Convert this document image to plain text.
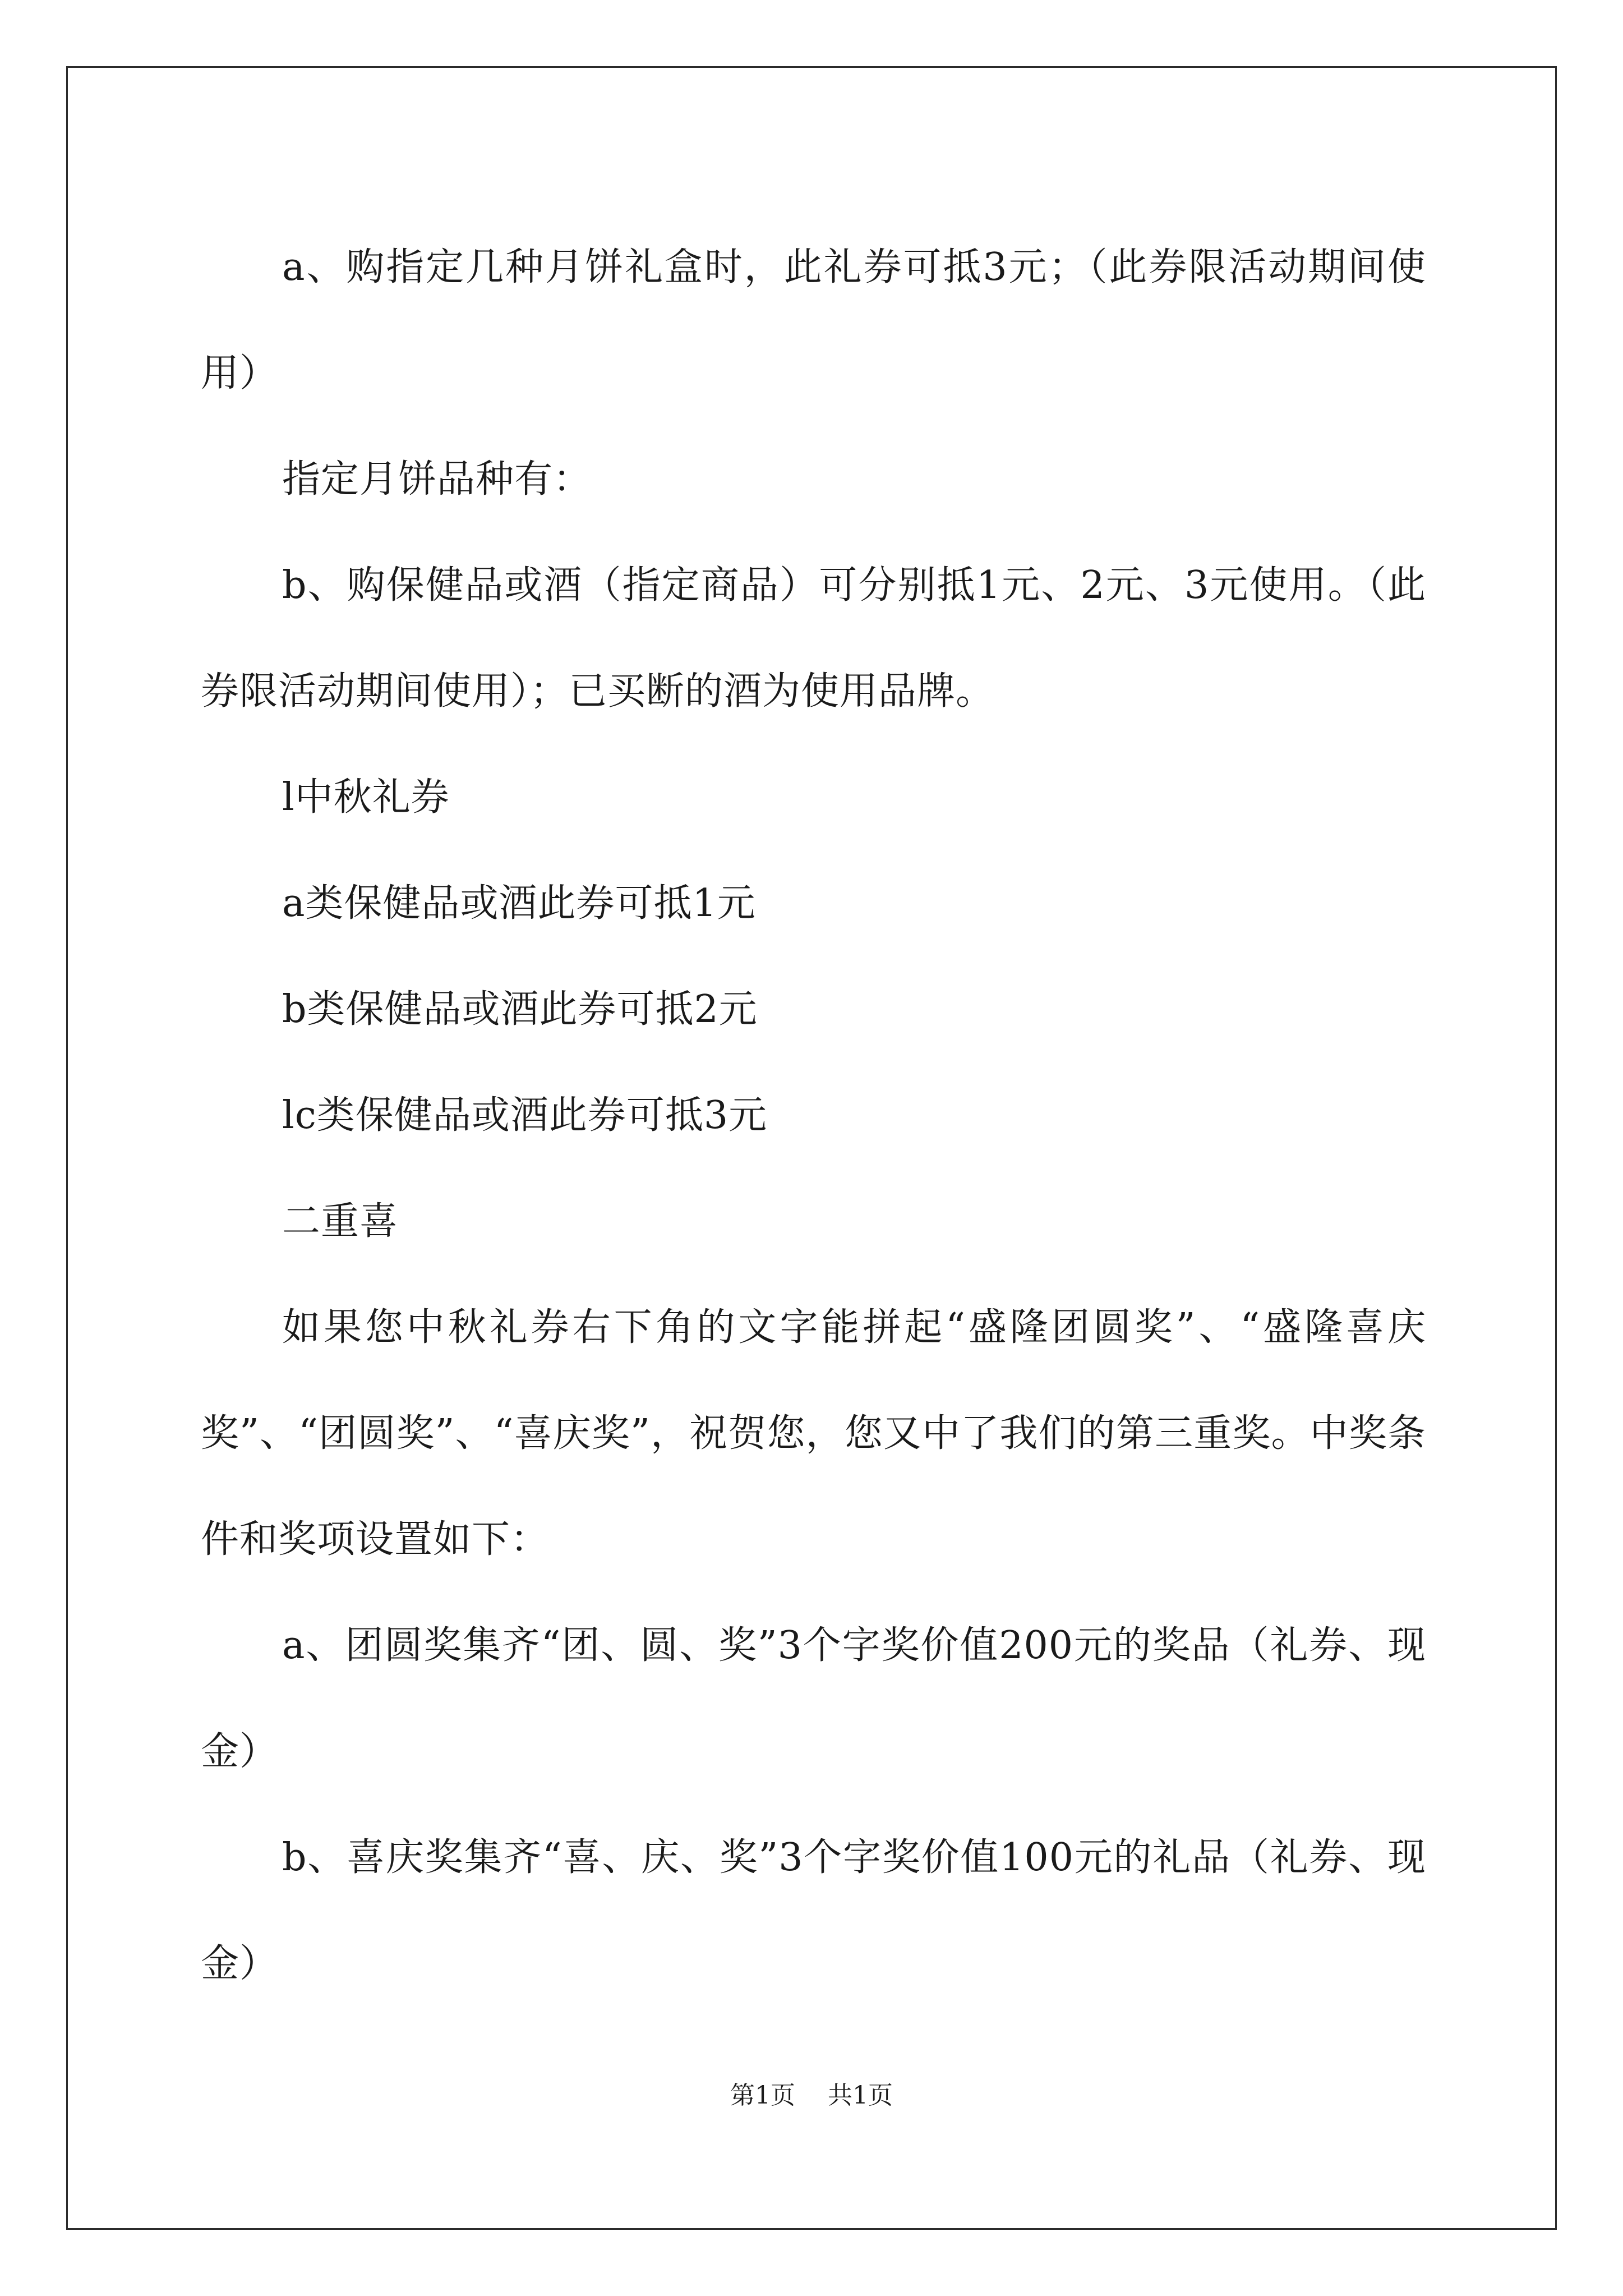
a、购指定几种月饼礼盒时，此礼券可抵3元；（此券限活动期间使用）

指定月饼品种有：

b、购保健品或酒（指定商品）可分别抵1元、2元、3元使用。（此券限活动期间使用）；已买断的酒为使用品牌。

l中秋礼券

a类保健品或酒此券可抵1元

b类保健品或酒此券可抵2元

lc类保健品或酒此券可抵3元

二重喜

如果您中秋礼券右下角的文字能拼起“盛隆团圆奖”、“盛隆喜庆奖”、“团圆奖”、“喜庆奖”，祝贺您，您又中了我们的第三重奖。中奖条件和奖项设置如下：

a、团圆奖集齐“团、圆、奖”3个字奖价值200元的奖品（礼券、现金）

b、喜庆奖集齐“喜、庆、奖”3个字奖价值100元的礼品（礼券、现金）

第1页 共1页
